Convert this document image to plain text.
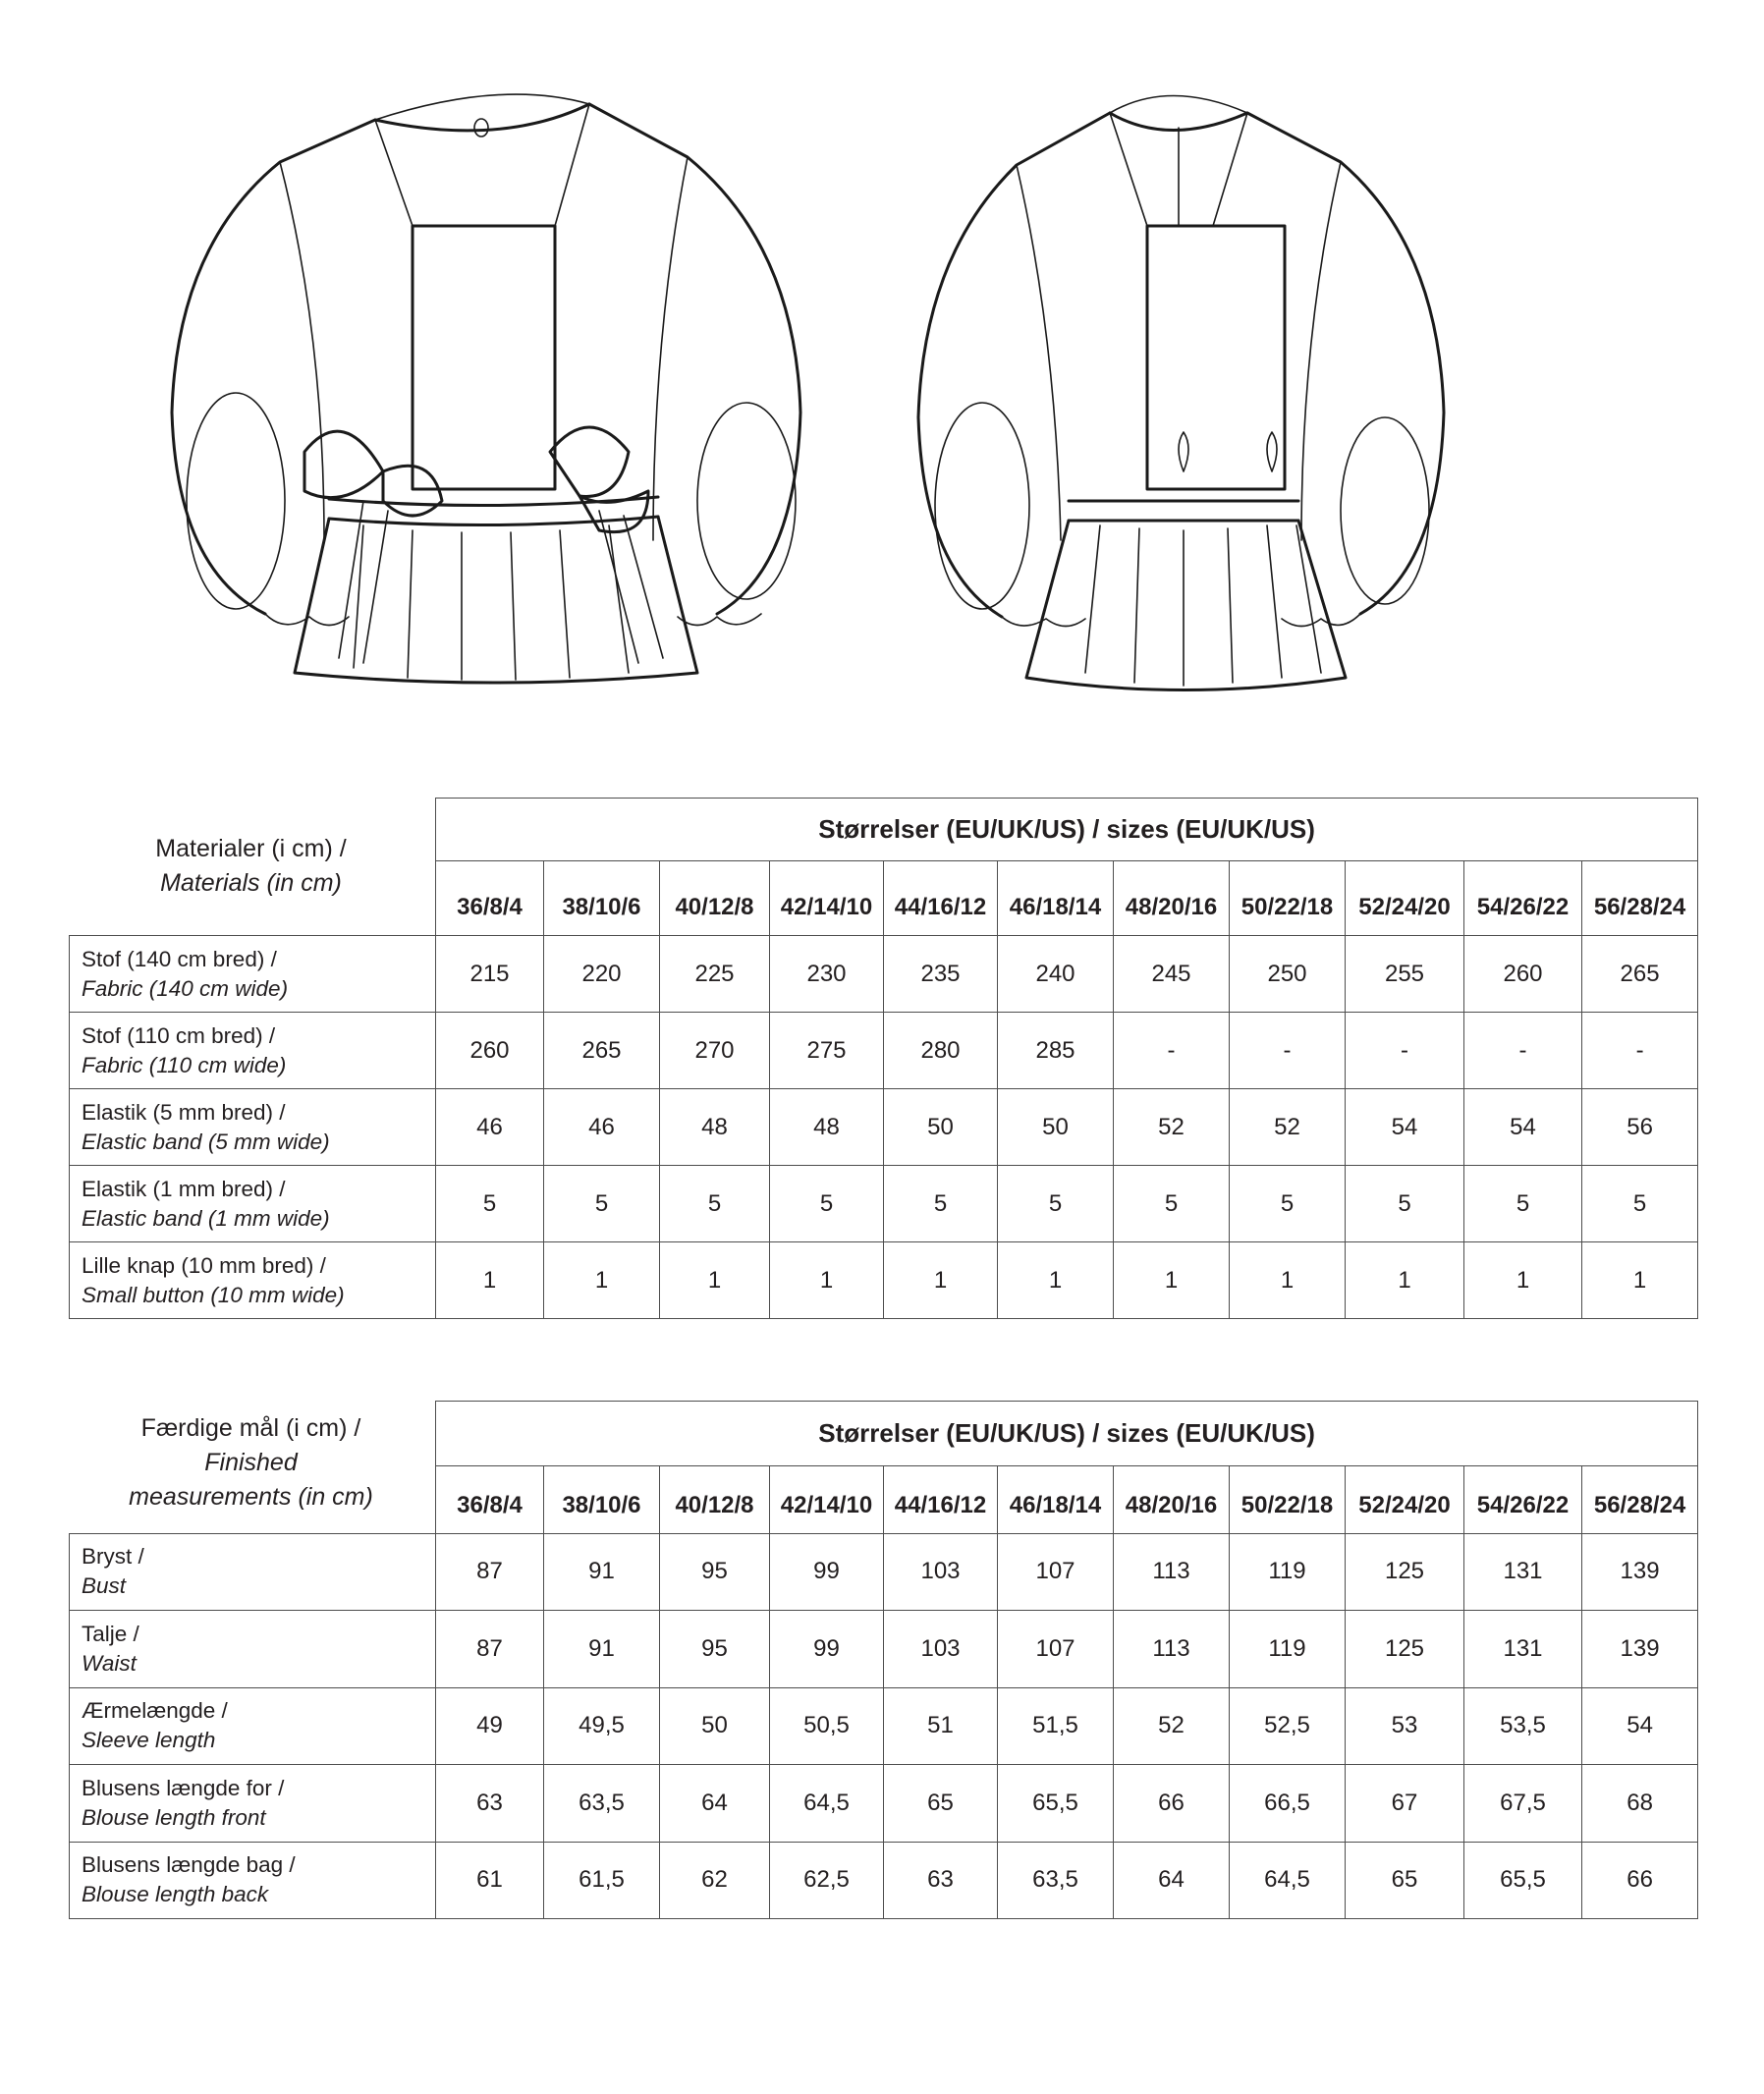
Materialer (i cm) /
Materials (in cm)	Størrelser (EU/UK/US) / sizes (EU/UK/US)										
	36/8/4	38/10/6	40/12/8	42/14/10	44/16/12	46/18/14	48/20/16	50/22/18	52/24/20	54/26/22	56/28/24

Stof (140 cm bred) /
Fabric (140 cm wide)	215	220	225	230	235	240	245	250	255	260	265

Stof (110 cm bred) /
Fabric (110 cm wide)	260	265	270	275	280	285	-	-	-	-	-

Elastik (5 mm bred) /
Elastic band (5 mm wide)	46	46	48	48	50	50	52	52	54	54	56

Elastik (1 mm bred) /
Elastic band (1 mm wide)	5	5	5	5	5	5	5	5	5	5	5

Lille knap (10 mm bred) /
Small button (10 mm wide)	1	1	1	1	1	1	1	1	1	1	1
Færdige mål (i cm) /
Finished
measurements (in cm)	Størrelser (EU/UK/US) / sizes (EU/UK/US)										
	36/8/4	38/10/6	40/12/8	42/14/10	44/16/12	46/18/14	48/20/16	50/22/18	52/24/20	54/26/22	56/28/24

Bryst /
Bust	87	91	95	99	103	107	113	119	125	131	139

Talje /
Waist	87	91	95	99	103	107	113	119	125	131	139

Ærmelængde /
Sleeve length	49	49,5	50	50,5	51	51,5	52	52,5	53	53,5	54

Blusens længde for /
Blouse length front	63	63,5	64	64,5	65	65,5	66	66,5	67	67,5	68

Blusens længde bag /
Blouse length back	61	61,5	62	62,5	63	63,5	64	64,5	65	65,5	66
